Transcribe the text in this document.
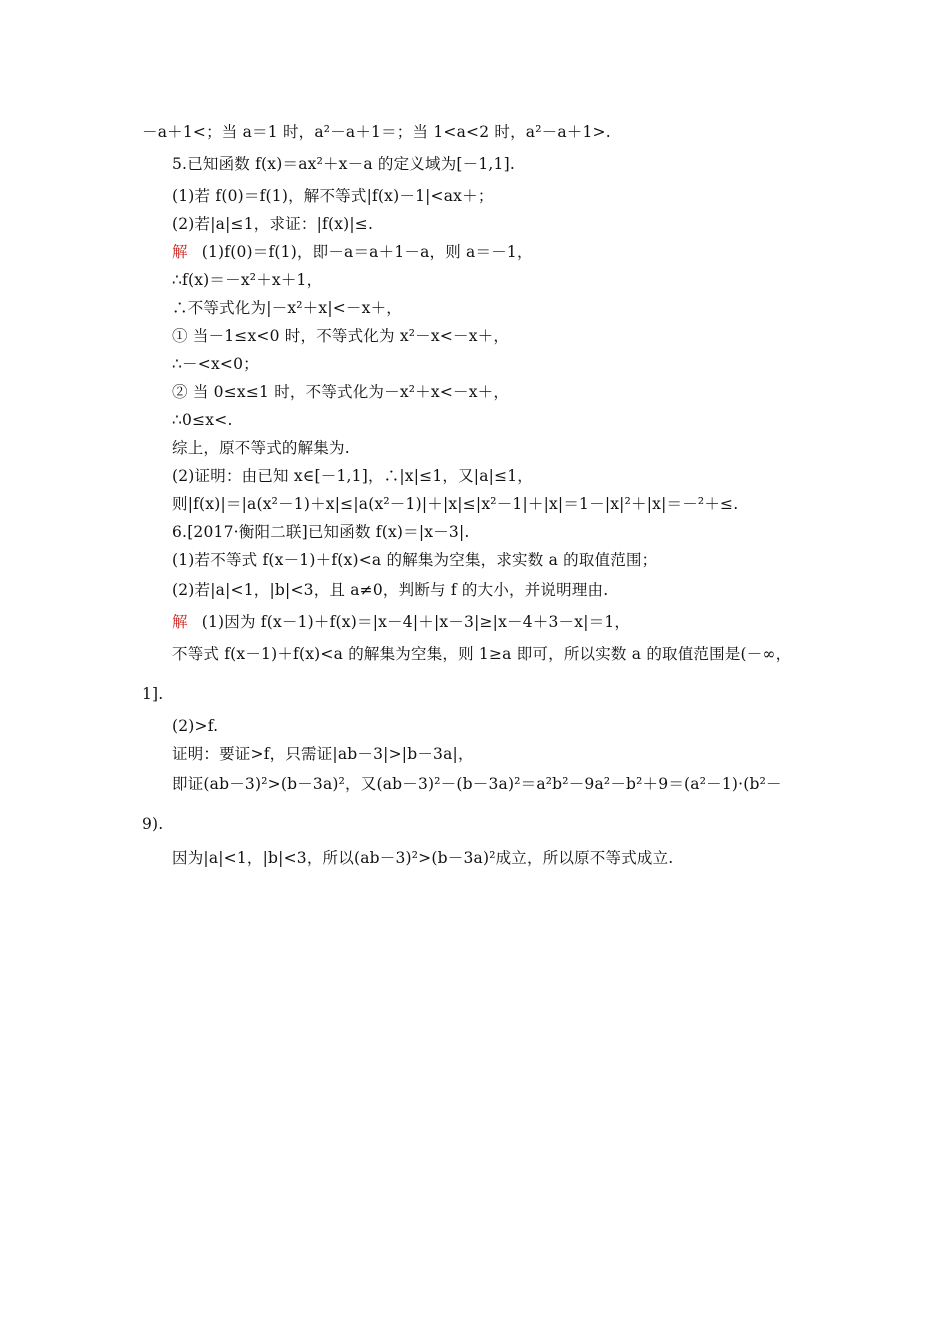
－a＋1<；当 a＝1 时，a²－a＋1＝；当 1<a<2 时，a²－a＋1>.
5.已知函数 f(x)＝ax²＋x－a 的定义域为[－1,1].
(1)若 f(0)＝f(1)，解不等式|f(x)－1|<ax＋；
(2)若|a|≤1，求证：|f(x)|≤.
解 (1)f(0)＝f(1)，即－a＝a＋1－a，则 a＝－1，
∴f(x)＝－x²＋x＋1，
∴不等式化为|－x²＋x|<－x＋，
① 当－1≤x<0 时，不等式化为 x²－x<－x＋，
∴－<x<0；
② 当 0≤x≤1 时，不等式化为－x²＋x<－x＋，
∴0≤x<.
综上，原不等式的解集为.
(2)证明：由已知 x∈[－1,1]，∴|x|≤1，又|a|≤1，
则|f(x)|＝|a(x²－1)＋x|≤|a(x²－1)|＋|x|≤|x²－1|＋|x|＝1－|x|²＋|x|＝－²＋≤.
6.[2017·衡阳二联]已知函数 f(x)＝|x－3|.
(1)若不等式 f(x－1)＋f(x)<a 的解集为空集，求实数 a 的取值范围；
(2)若|a|<1，|b|<3，且 a≠0，判断与 f 的大小，并说明理由.
解 (1)因为 f(x－1)＋f(x)＝|x－4|＋|x－3|≥|x－4＋3－x|＝1，
不等式 f(x－1)＋f(x)<a 的解集为空集，则 1≥a 即可，所以实数 a 的取值范围是(－∞，
1].
(2)>f.
证明：要证>f，只需证|ab－3|>|b－3a|，
即证(ab－3)²>(b－3a)²，又(ab－3)²－(b－3a)²＝a²b²－9a²－b²＋9＝(a²－1)·(b²－
9).
因为|a|<1，|b|<3，所以(ab－3)²>(b－3a)²成立，所以原不等式成立.
